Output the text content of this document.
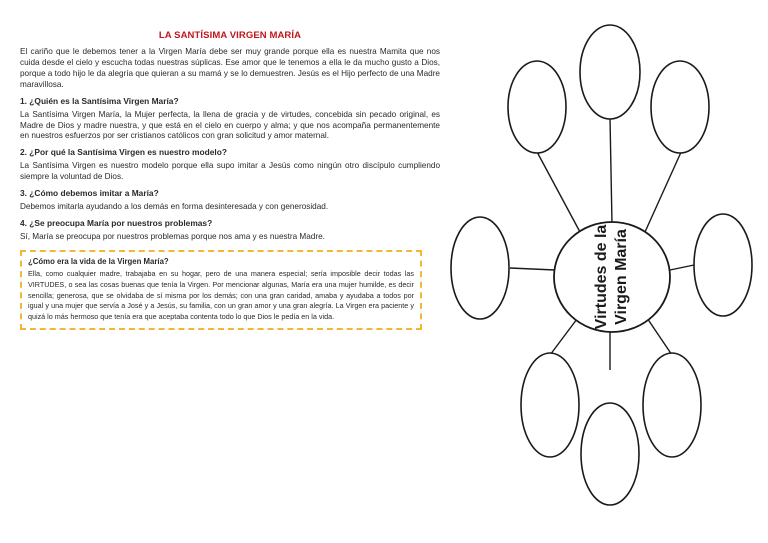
LA SANTÍSIMA VIRGEN MARÍA
El cariño que le debemos tener a la Virgen María debe ser muy grande porque ella es nuestra Mamita que nos cuida desde el cielo y escucha todas nuestras súplicas. Ese amor que le tenemos a ella le da mucho gusto a Dios, porque a todo hijo le da alegría que quieran a su mamá y se lo demuestren. Jesús es el Hijo perfecto de una Madre maravillosa.
1. ¿Quién es la Santísima Virgen María?
La Santísima Virgen María, la Mujer perfecta, la llena de gracia y de virtudes, concebida sin pecado original, es Madre de Dios y madre nuestra, y que está en el cielo en cuerpo y alma; y que nos acompaña permanentemente en nuestros esfuerzos por ser cristianos católicos con gran solicitud y amor maternal.
2. ¿Por qué la Santísima Virgen es nuestro modelo?
La Santísima Virgen es nuestro modelo porque ella supo imitar a Jesús como ningún otro discípulo cumpliendo siempre la voluntad de Dios.
3. ¿Cómo debemos imitar a María?
Debemos imitarla ayudando a los demás en forma desinteresada y con generosidad.
4. ¿Se preocupa María por nuestros problemas?
Sí, María se preocupa por nuestros problemas porque nos ama y es nuestra Madre.
¿Cómo era la vida de la Virgen María?
Ella, como cualquier madre, trabajaba en su hogar, pero de una manera especial; sería imposible decir todas las VIRTUDES, o sea las cosas buenas que tenía la Virgen. Por mencionar algunas, María era una mujer humilde, es decir sencilla; generosa, que se olvidaba de sí misma por los demás; con una gran caridad, amaba y ayudaba a todos por igual y una mujer que servía a José y a Jesús, su familia, con un gran amor y una gran alegría. La Virgen era paciente y quizá lo más hermoso que tenía era que aceptaba contenta todo lo que Dios le pedía en la vida.	Virtudes de la Virgen María
